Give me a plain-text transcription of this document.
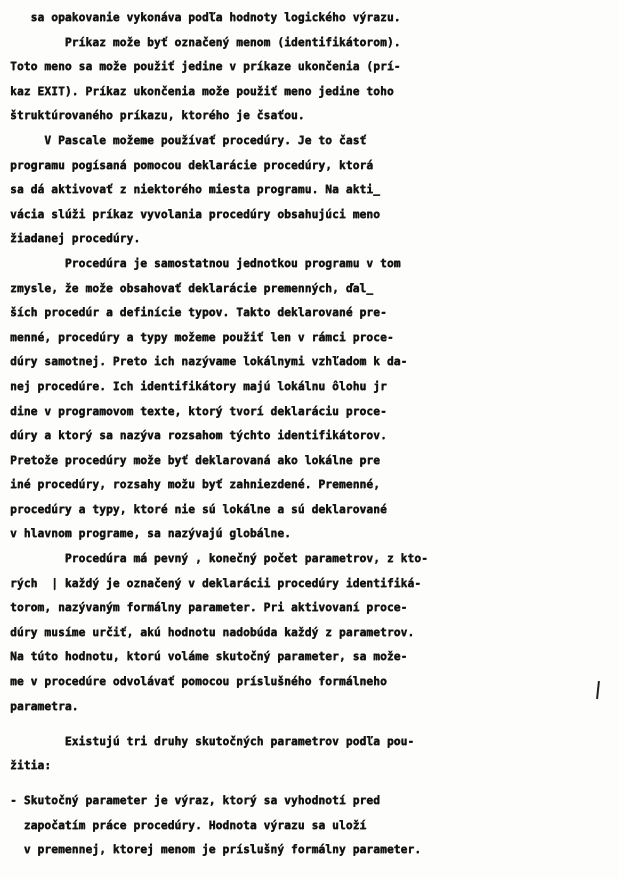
sa opakovanie vykonáva podľa hodnoty logického výrazu.
Príkaz može byť označený menom (identifikátorom).
Toto meno sa može použiť jedine v príkaze ukončenia (prí-
kaz EXIT). Príkaz ukončenia može použiť meno jedine toho
štruktúrovaného príkazu, ktorého je čsaťou.
V Pascale možeme používať procedúry. Je to časť
programu pogísaná pomocou deklarácie procedúry, ktorá
sa dá aktivovať z niektorého miesta programu. Na akti_
vácia slúži príkaz vyvolania procedúry obsahujúci meno
žiadanej procedúry.
Procedúra je samostatnou jednotkou programu v tom
zmysle, že može obsahovať deklarácie premenných, ďal_
ších procedúr a definície typov. Takto deklarované pre-
menné, procedúry a typy možeme použiť len v rámci proce-
dúry samotnej. Preto ich nazývame lokálnymi vzhľadom k da-
nej procedúre. Ich identifikátory majú lokálnu ôlohu jr
dine v programovom texte, ktorý tvorí deklaráciu proce-
dúry a ktorý sa nazýva rozsahom týchto identifikátorov.
Pretože procedúry može byť deklarovaná ako lokálne pre
iné procedúry, rozsahy možu byť zahniezdené. Premenné,
procedúry a typy, ktoré nie sú lokálne a sú deklarované
v hlavnom programe, sa nazývajú globálne.
Procedúra má pevný , konečný počet parametrov, z kto-
rých  | každý je označený v deklarácii procedúry identifiká-
torom, nazývaným formálny parameter. Pri aktivovaní proce-
dúry musíme určiť, akú hodnotu nadobúda každý z parametrov.
Na túto hodnotu, ktorú voláme skutočný parameter, sa može-
me v procedúre odvolávať pomocou príslušného formálneho
parametra.
Existujú tri druhy skutočných parametrov podľa pou-
žitia:
- Skutočný parameter je výraz, ktorý sa vyhodnotí pred
započatím práce procedúry. Hodnota výrazu sa uloží
v premennej, ktorej menom je príslušný formálny parameter.
